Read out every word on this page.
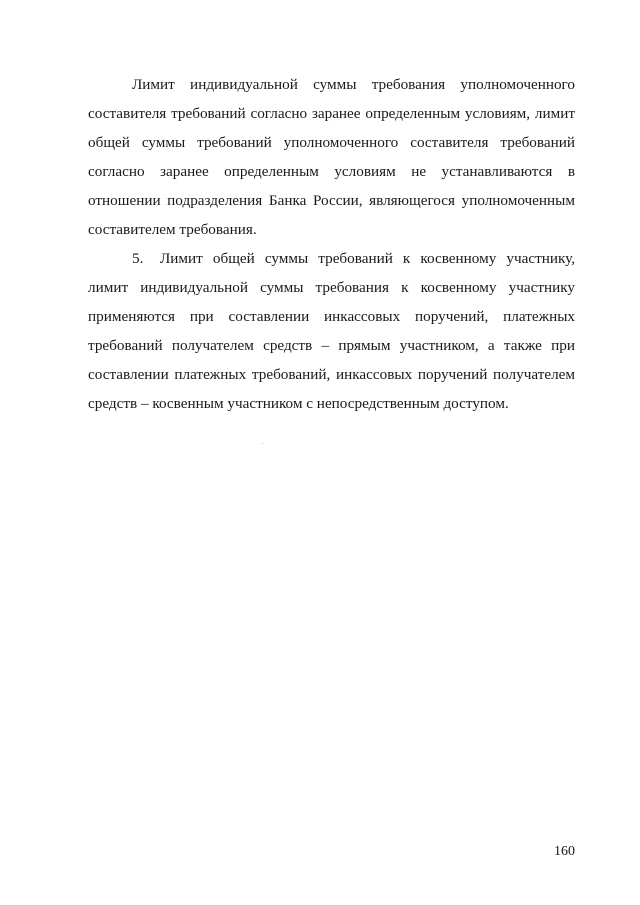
Лимит индивидуальной суммы требования уполномоченного составителя требований согласно заранее определенным условиям, лимит общей суммы требований уполномоченного составителя требований согласно заранее определенным условиям не устанавливаются в отношении подразделения Банка России, являющегося уполномоченным составителем требования.

5. Лимит общей суммы требований к косвенному участнику, лимит индивидуальной суммы требования к косвенному участнику применяются при составлении инкассовых поручений, платежных требований получателем средств – прямым участником, а также при составлении платежных требований, инкассовых поручений получателем средств – косвенным участником с непосредственным доступом.

160
